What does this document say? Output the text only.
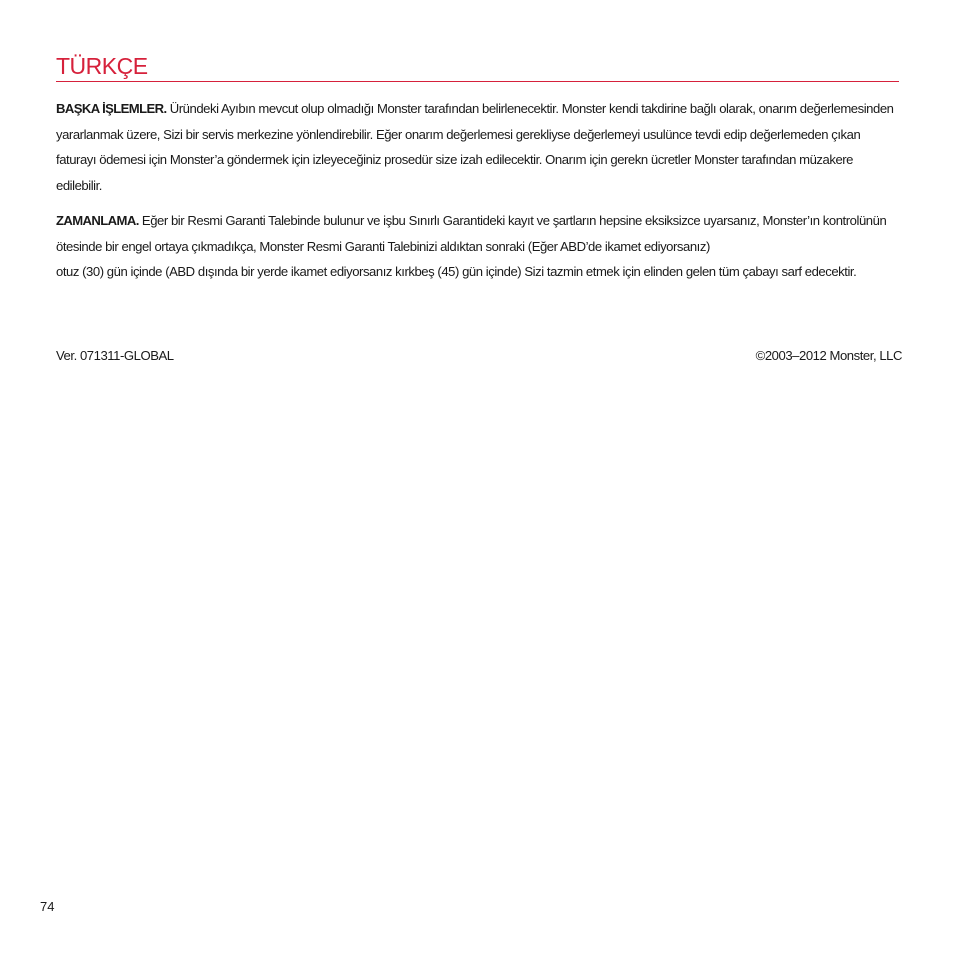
TÜRKÇE

BAŞKA İŞLEMLER. Üründeki Ayıbın mevcut olup olmadığı Monster tarafından belirlenecektir. Monster kendi takdirine bağlı olarak, onarım değerlemesinden yararlanmak üzere, Sizi bir servis merkezine yönlendirebilir. Eğer onarım değerlemesi gerekliyse değerlemeyi usulünce tevdi edip değerlemeden çıkan faturayı ödemesi için Monster’a göndermek için izleyeceğiniz prosedür size izah edilecektir. Onarım için gerekn ücretler Monster tarafından müzakere edilebilir.

ZAMANLAMA. Eğer bir Resmi Garanti Talebinde bulunur ve işbu Sınırlı Garantideki kayıt ve şartların hepsine eksiksizce uyarsanız, Monster’ın kontrolünün ötesinde bir engel ortaya çıkmadıkça, Monster Resmi Garanti Talebinizi aldıktan sonraki (Eğer ABD’de ikamet ediyorsanız)

otuz (30) gün içinde (ABD dışında bir yerde ikamet ediyorsanız kırkbeş (45) gün içinde) Sizi tazmin etmek için elinden gelen tüm çabayı sarf edecektir.

Ver. 071311-GLOBAL	©2003–2012 Monster, LLC
74
